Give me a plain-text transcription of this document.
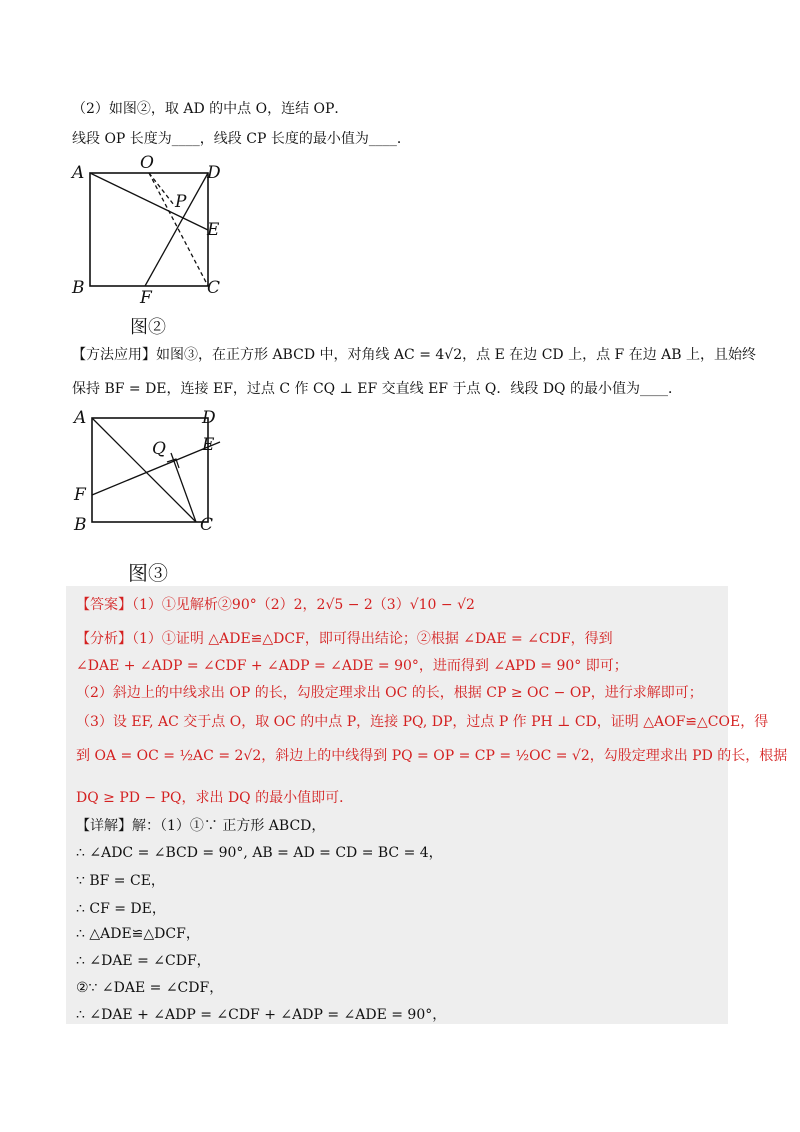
（2）如图②，取 AD 的中点 O，连结 OP．
线段 OP 长度为____，线段 CP 长度的最小值为____．
A	O	D
P
E
B	F	C
图②
【方法应用】如图③，在正方形 ABCD 中，对角线 AC = 4√2，点 E 在边 CD 上，点 F 在边 AB 上，且始终
保持 BF = DE，连接 EF，过点 C 作 CQ ⊥ EF 交直线 EF 于点 Q．线段 DQ 的最小值为____．
A	D
Q E
F
B	C
图③
【答案】（1）①见解析②90°（2）2，2√5 − 2（3）√10 − √2
【分析】（1）①证明 △ADE≌△DCF，即可得出结论；②根据 ∠DAE = ∠CDF，得到
∠DAE + ∠ADP = ∠CDF + ∠ADP = ∠ADE = 90°，进而得到 ∠APD = 90° 即可；
（2）斜边上的中线求出 OP 的长，勾股定理求出 OC 的长，根据 CP ≥ OC − OP，进行求解即可；
（3）设 EF, AC 交于点 O，取 OC 的中点 P，连接 PQ, DP，过点 P 作 PH ⊥ CD，证明 △AOF≌△COE，得
到 OA = OC = ½AC = 2√2，斜边上的中线得到 PQ = OP = CP = ½OC = √2，勾股定理求出 PD 的长，根据
DQ ≥ PD − PQ，求出 DQ 的最小值即可．
【详解】解：（1）①∵ 正方形 ABCD，
∴ ∠ADC = ∠BCD = 90°, AB = AD = CD = BC = 4，
∵ BF = CE，
∴ CF = DE，
∴ △ADE≌△DCF，
∴ ∠DAE = ∠CDF，
②∵ ∠DAE = ∠CDF，
∴ ∠DAE + ∠ADP = ∠CDF + ∠ADP = ∠ADE = 90°，
